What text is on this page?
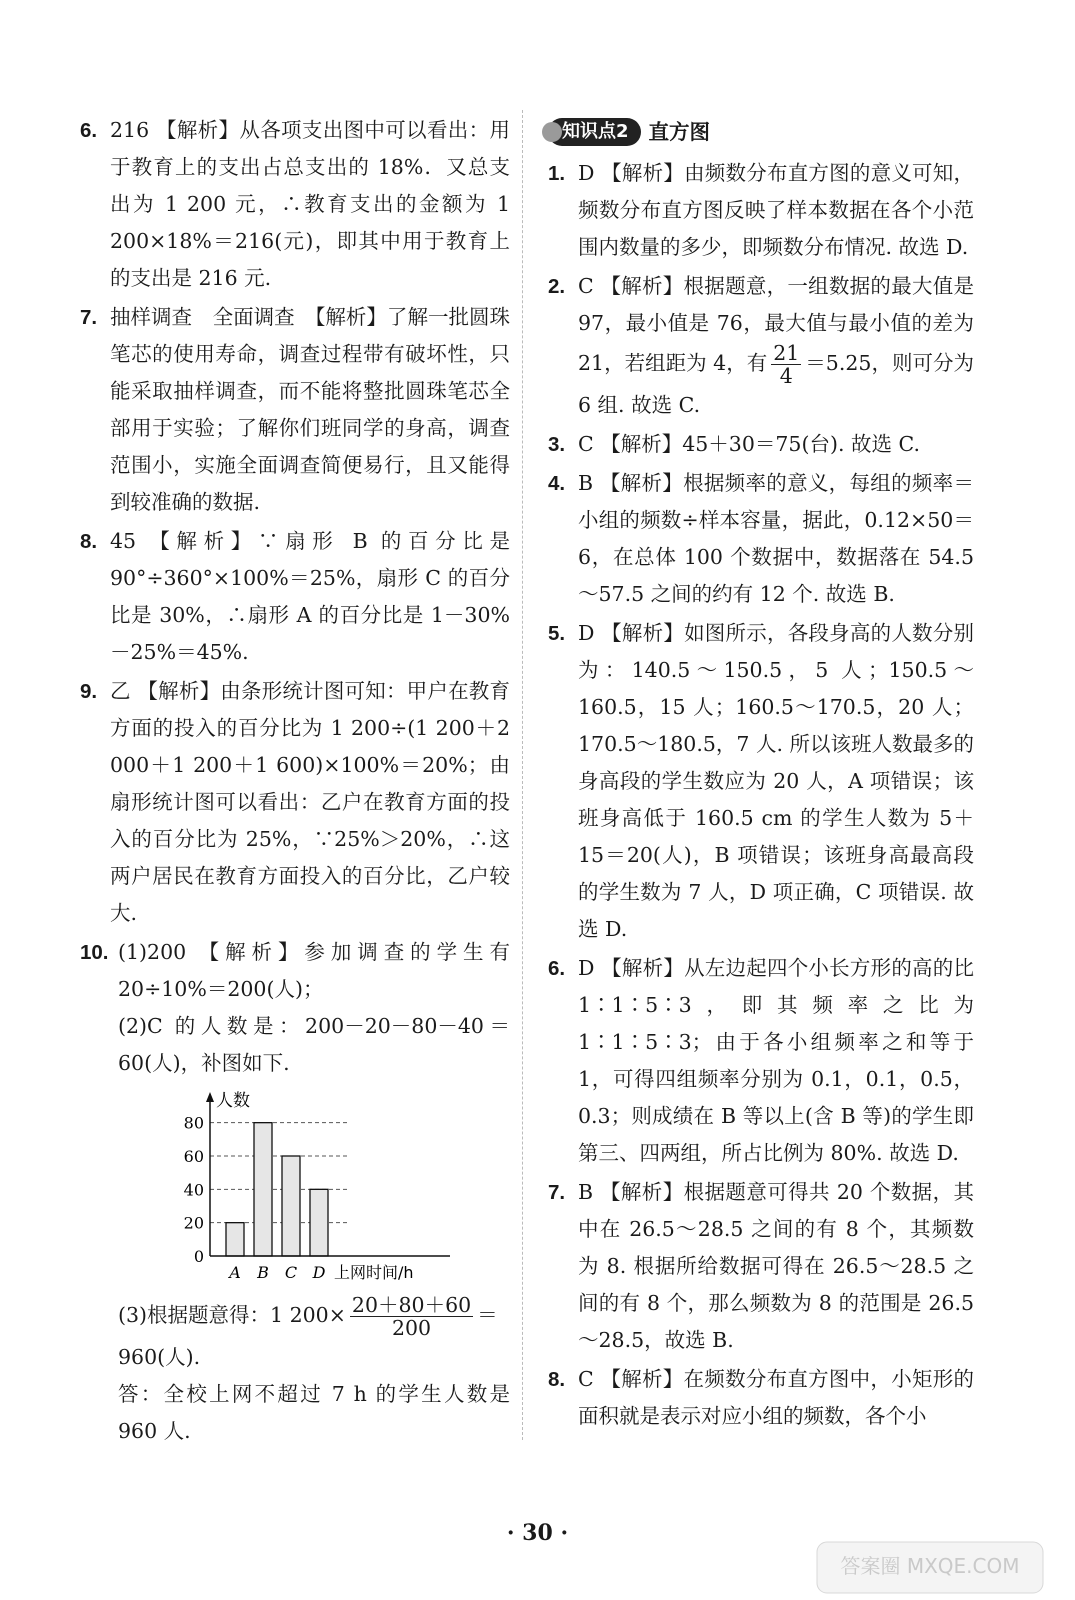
6. 216 【解析】从各项支出图中可以看出：用于教育上的支出占总支出的 18%．又总支出为 1 200 元，∴教育支出的金额为 1 200×18%＝216(元)，即其中用于教育上的支出是 216 元.
7. 抽样调查　全面调查　【解析】了解一批圆珠笔芯的使用寿命，调查过程带有破坏性，只能采取抽样调查，而不能将整批圆珠笔芯全部用于实验；了解你们班同学的身高，调查范围小，实施全面调查简便易行，且又能得到较准确的数据.
8. 45 【解析】∵扇形 B 的百分比是 90°÷360°×100%＝25%，扇形 C 的百分比是 30%，∴扇形 A 的百分比是 1－30%－25%＝45%.
9. 乙 【解析】由条形统计图可知：甲户在教育方面的投入的百分比为 1 200÷(1 200＋2 000＋1 200＋1 600)×100%＝20%；由扇形统计图可以看出：乙户在教育方面的投入的百分比为 25%，∵25%＞20%，∴这两户居民在教育方面投入的百分比，乙户较大.
10. (1)200 【解析】参加调查的学生有 20÷10%＝200(人)；
(2)C 的人数是：200－20－80－40＝60(人)，补图如下.
0
20
40
60
80
A B C D
人数
上网时间/h
(3)根据题意得：1 $200\times \frac{20+80+60}{200}$ ＝
960(人).
答：全校上网不超过 7 h 的学生人数是 960 人.
知识点2 直方图
1. D 【解析】由频数分布直方图的意义可知，频数分布直方图反映了样本数据在各个小范围内数量的多少，即频数分布情况. 故选 D.
2. C 【解析】根据题意，一组数据的最大值是 97，最小值是 76，最大值与最小值的差为 21，若组距为 4，有 $\frac{21}{4} =5.25$，则可分为 6 组. 故选 C.
3. C 【解析】45＋30＝75(台). 故选 C.
4. B 【解析】根据频率的意义，每组的频率＝小组的频数÷样本容量，据此，0.12×50＝6，在总体 100 个数据中，数据落在 54.5～57.5 之间的约有 12 个. 故选 B.
5. D 【解析】如图所示，各段身高的人数分别为：140.5～150.5，5 人；150.5～160.5，15 人；160.5～170.5，20 人；170.5～180.5，7 人. 所以该班人数最多的身高段的学生数应为 20 人，A 项错误；该班身高低于 160.5 cm 的学生人数为 5＋15＝20(人)，B 项错误；该班身高最高段的学生数为 7 人，D 项正确，C 项错误. 故选 D.
6. D 【解析】从左边起四个小长方形的高的比 1∶1∶5∶3，即其频率之比为 1∶1∶5∶3；由于各小组频率之和等于 1，可得四组频率分别为 0.1，0.1，0.5，0.3；则成绩在 B 等以上(含 B 等)的学生即第三、四两组，所占比例为 80%. 故选 D.
7. B 【解析】根据题意可得共 20 个数据，其中在 26.5～28.5 之间的有 8 个，其频数为 8. 根据所给数据可得在 26.5～28.5 之间的有 8 个，那么频数为 8 的范围是 26.5～28.5，故选 B.
8. C 【解析】在频数分布直方图中，小矩形的面积就是表示对应小组的频数，各个小
· 30 ·
答案圈 MXQE.COM
